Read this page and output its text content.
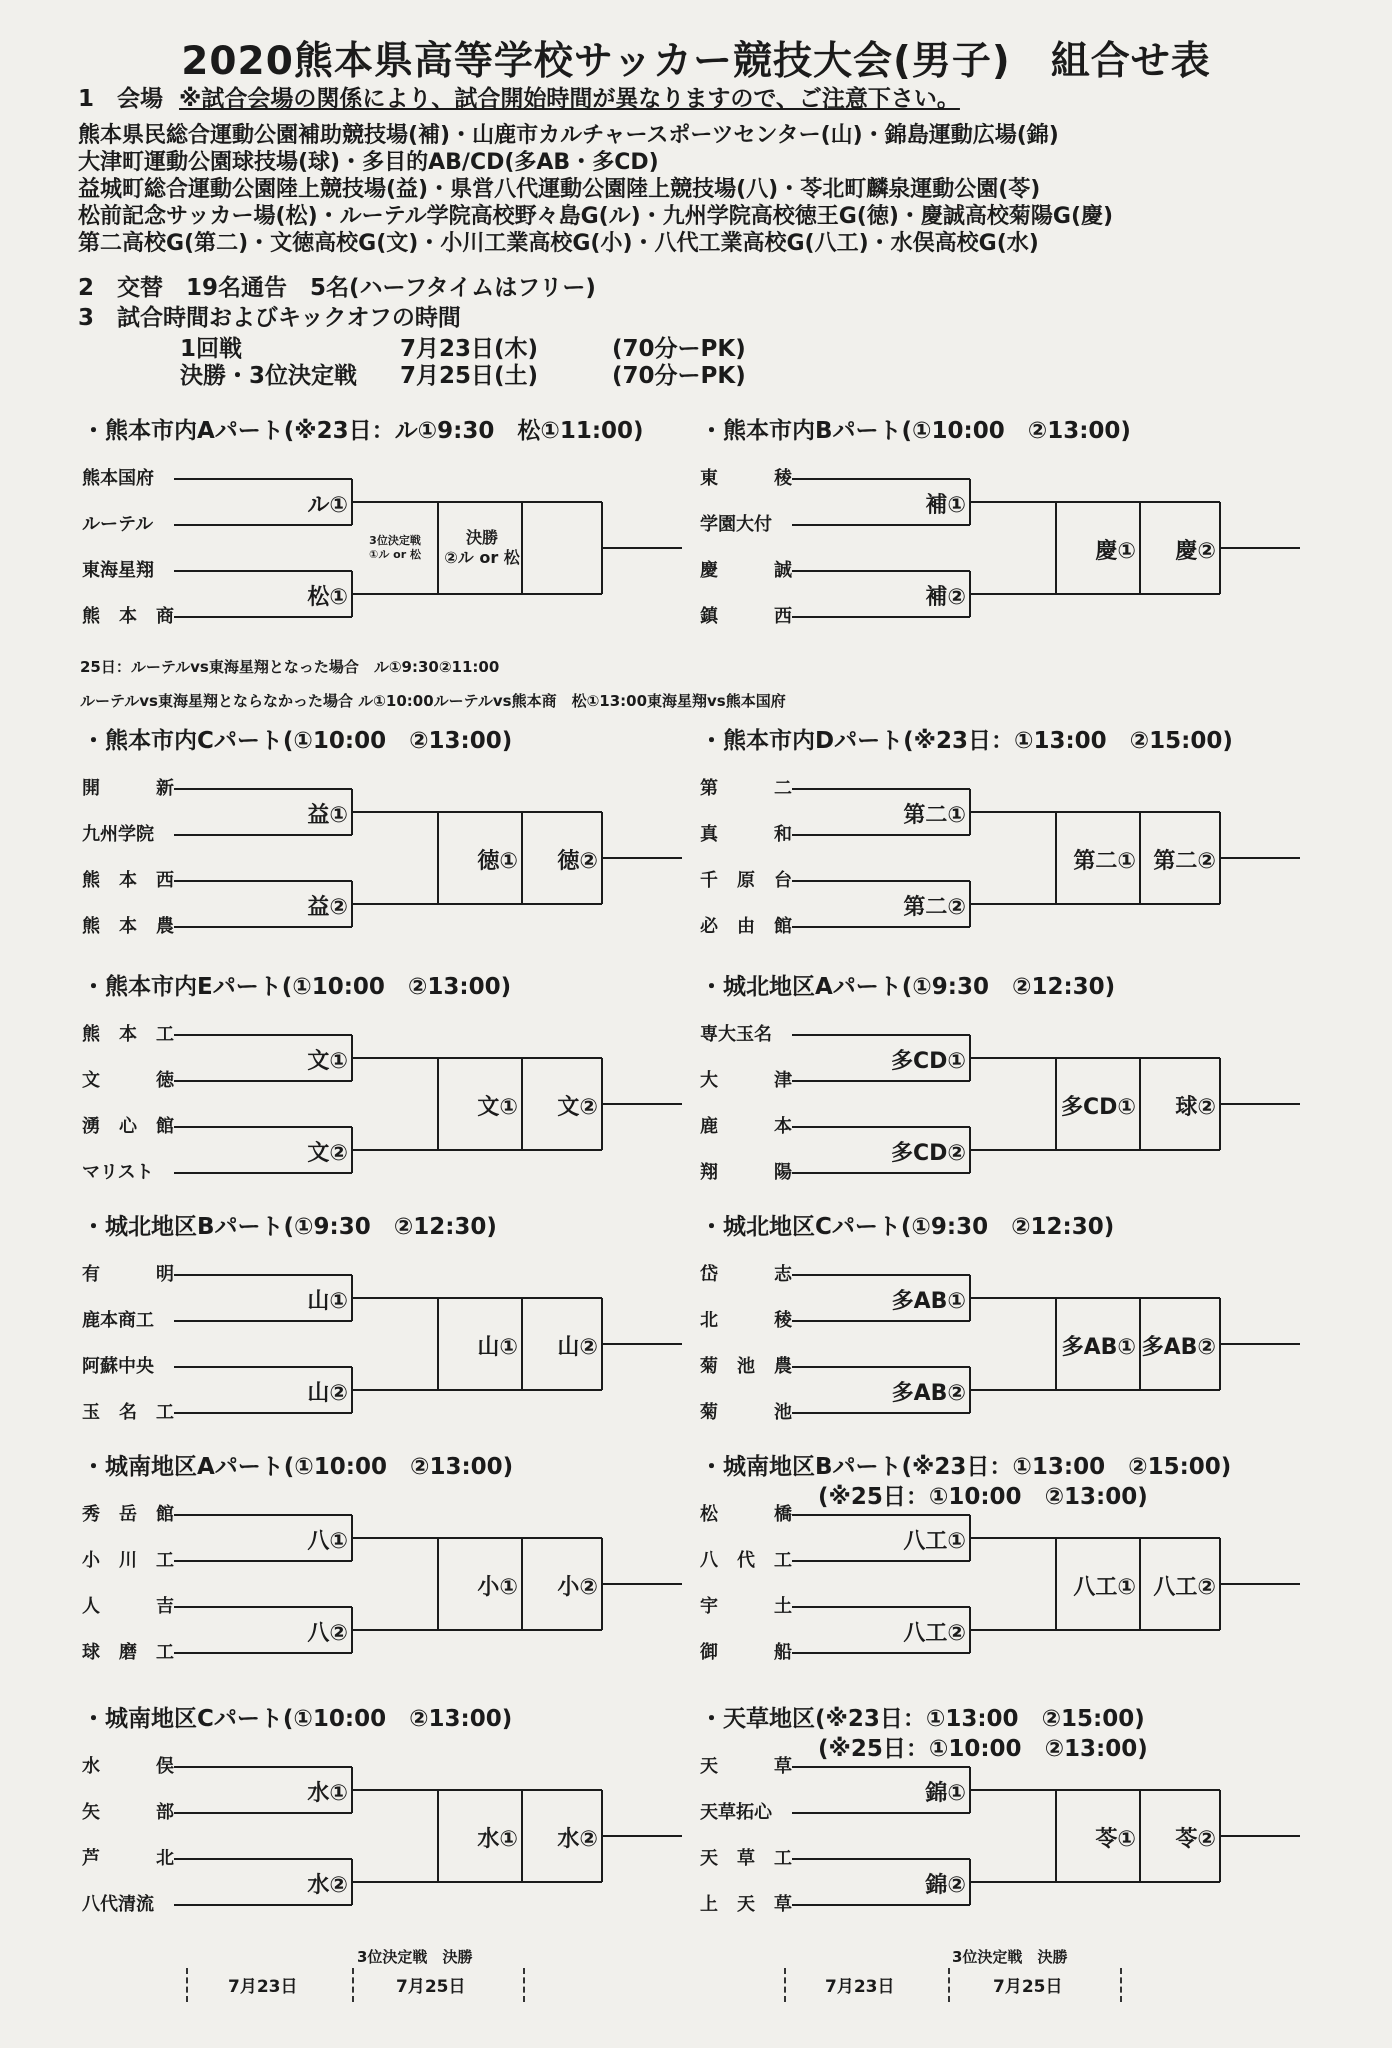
2020熊本県高等学校サッカー競技大会(男子)　組合せ表
1　会場 ※試合会場の関係により、試合開始時間が異なりますので、ご注意下さい。
熊本県民総合運動公園補助競技場(補)・山鹿市カルチャースポーツセンター(山)・錦島運動広場(錦)
大津町運動公園球技場(球)・多目的AB/CD(多AB・多CD)
益城町総合運動公園陸上競技場(益)・県営八代運動公園陸上競技場(八)・苓北町麟泉運動公園(苓)
松前記念サッカー場(松)・ルーテル学院高校野々島G(ル)・九州学院高校徳王G(徳)・慶誠高校菊陽G(慶)
第二高校G(第二)・文徳高校G(文)・小川工業高校G(小)・八代工業高校G(八工)・水俣高校G(水)
2　交替　19名通告　5名(ハーフタイムはフリー)
3　試合時間およびキックオフの時間
1回戦	7月23日(木)	(70分ーPK)
決勝・3位決定戦 7月25日(土)	(70分ーPK)
・熊本市内Aパート(※23日：ル①9:30　松①11:00)
熊本国府
ルーテル
東海星翔
熊本商
ル①
松①
3位決定戦
①ル or 松
決勝
②ル or 松
・熊本市内Bパート(①10:00　②13:00)
東稜
学園大付
慶誠
鎮西
補①
補②
慶① 慶②
・熊本市内Cパート(①10:00　②13:00)
開新
九州学院
熊本西
熊本農
益①
益②
徳① 徳②
・熊本市内Dパート(※23日：①13:00　②15:00)
第二
真和
千原台
必由館
第二①
第二②
第二① 第二②
・熊本市内Eパート(①10:00　②13:00)
熊本工
文徳
湧心館
マリスト
文①
文②
文① 文②
・城北地区Aパート(①9:30　②12:30)
専大玉名
大津
鹿本
翔陽
多CD①
多CD②
多CD① 球②
・城北地区Bパート(①9:30　②12:30)
有明
鹿本商工
阿蘇中央
玉名工
山①
山②
山① 山②
・城北地区Cパート(①9:30　②12:30)
岱志
北稜
菊池農
菊池
多AB①
多AB②
多AB① 多AB②
・城南地区Aパート(①10:00　②13:00)
秀岳館
小川工
人吉
球磨工
八①
八②
小① 小②
・城南地区Bパート(※23日：①13:00　②15:00)
(※25日：①10:00　②13:00)
松橋
八代工
宇土
御船
八工①
八工②
八工① 八工②
・城南地区Cパート(①10:00　②13:00)
水俣
矢部
芦北
八代清流
水①
水②
水① 水②
・天草地区(※23日：①13:00　②15:00)
(※25日：①10:00　②13:00)
天草
天草拓心
天草工
上天草
錦①
錦②
苓① 苓②
25日：ルーテルvs東海星翔となった場合　ル①9:30②11:00
ルーテルvs東海星翔とならなかった場合 ル①10:00ルーテルvs熊本商　松①13:00東海星翔vs熊本国府
3位決定戦　決勝	3位決定戦　決勝
7月23日	7月25日	7月23日	7月25日
